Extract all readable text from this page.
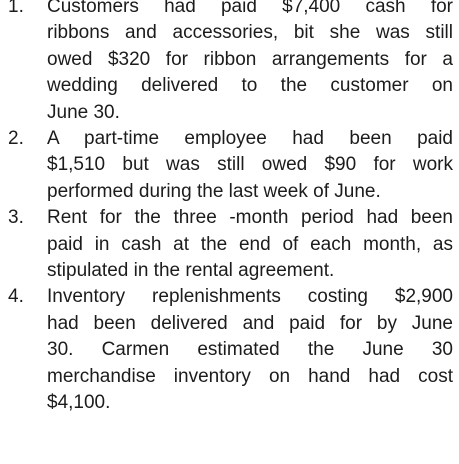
1. Customers had paid $7,400 cash for
ribbons and accessories, bit she was still
owed $320 for ribbon arrangements for a
wedding delivered to the customer on
June 30.
2. A part-time employee had been paid
$1,510 but was still owed $90 for work
performed during the last week of June.
3. Rent for the three -month period had been
paid in cash at the end of each month, as
stipulated in the rental agreement.
4. Inventory replenishments costing $2,900
had been delivered and paid for by June
30. Carmen estimated the June 30
merchandise inventory on hand had cost
$4,100.
